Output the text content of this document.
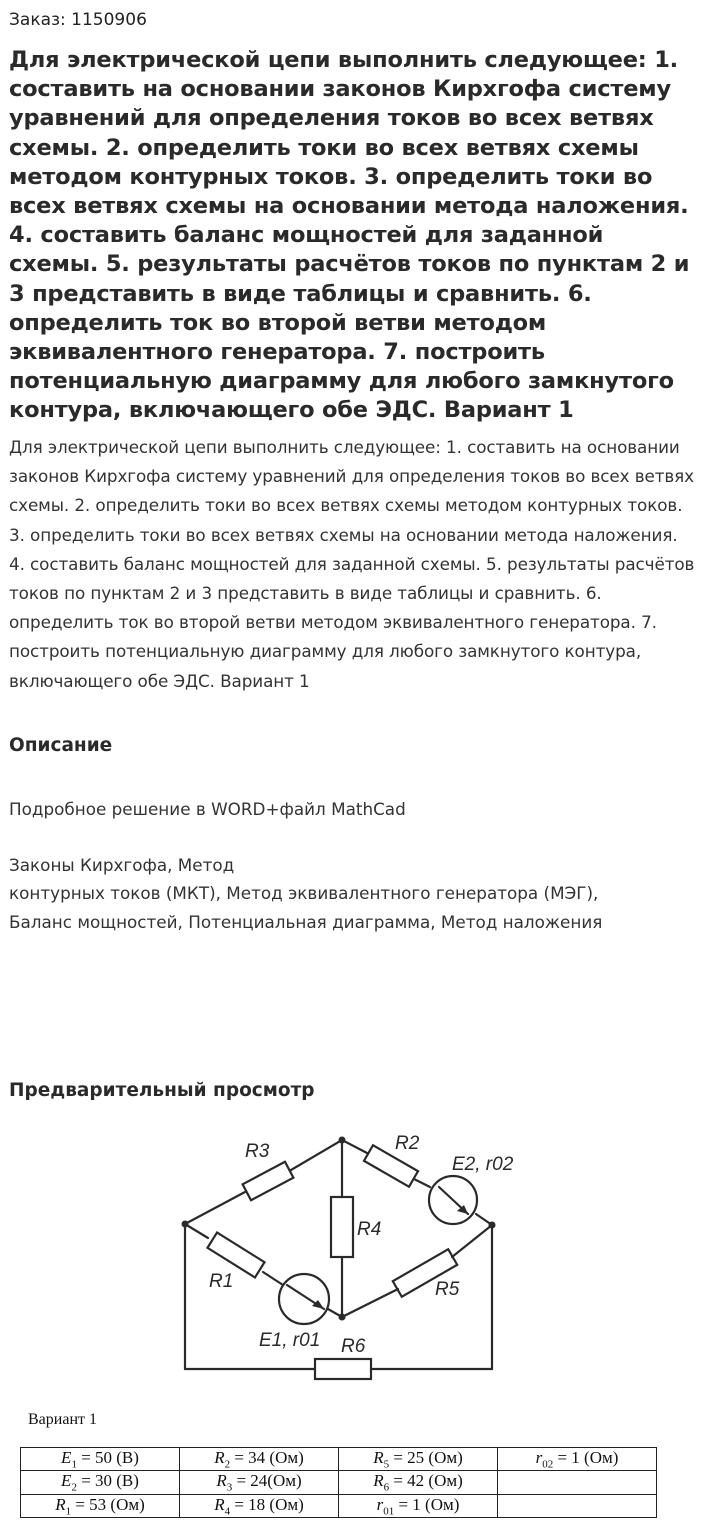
Заказ: 1150906
Для электрической цепи выполнить следующее: 1. составить на основании законов Кирхгофа систему уравнений для определения токов во всех ветвях схемы. 2. определить токи во всех ветвях схемы методом контурных токов. 3. определить токи во всех ветвях схемы на основании метода наложения. 4. составить баланс мощностей для заданной схемы. 5. результаты расчётов токов по пунктам 2 и 3 представить в виде таблицы и сравнить. 6. определить ток во второй ветви методом эквивалентного генератора. 7. построить потенциальную диаграмму для любого замкнутого контура, включающего обе ЭДС. Вариант 1
Для электрической цепи выполнить следующее: 1. составить на основании законов Кирхгофа систему уравнений для определения токов во всех ветвях схемы. 2. определить токи во всех ветвях схемы методом контурных токов. 3. определить токи во всех ветвях схемы на основании метода наложения. 4. составить баланс мощностей для заданной схемы. 5. результаты расчётов токов по пунктам 2 и 3 представить в виде таблицы и сравнить. 6. определить ток во второй ветви методом эквивалентного генератора. 7. построить потенциальную диаграмму для любого замкнутого контура, включающего обе ЭДС. Вариант 1
Описание
Подробное решение в WORD+файл MathCad
Законы Кирхгофа, Метод
контурных токов (МКТ), Метод эквивалентного генератора (МЭГ),
Баланс мощностей, Потенциальная диаграмма, Метод наложения
Предварительный просмотр
R3	R2
E2, r02
R4
R1	R5
E1, r01 R6
Вариант 1
$E_1 = 50$ (В)	$R_2 = 34$ (Ом)	$R_5 = 25$ (Ом)	$r_{02} = 1$ (Ом)
$E_2 = 30$ (В)	$R_3 = 24(Ом)$	$R_6 = 42$ (Ом)	
$R_1 = 53$ (Ом)	$R_4 = 18$ (Ом)	$r_{01} = 1$ (Ом)	
